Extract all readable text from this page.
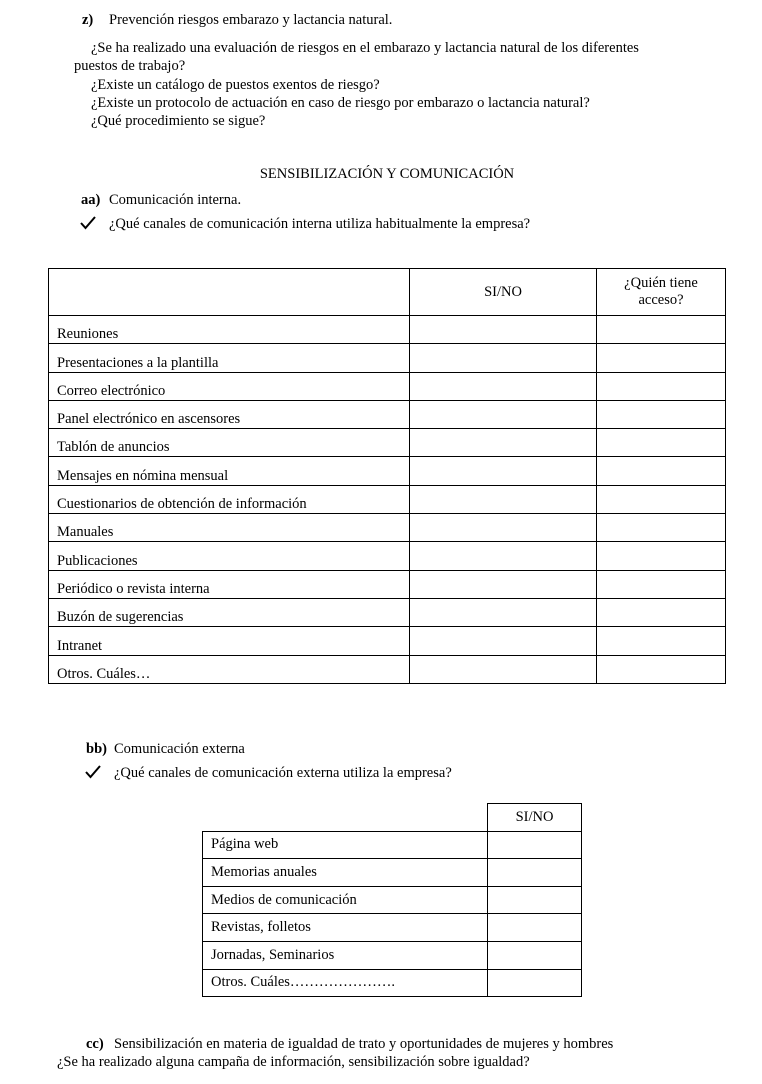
z) Prevención riesgos embarazo y lactancia natural.
¿Se ha realizado una evaluación de riesgos en el embarazo y lactancia natural de los diferentes
puestos de trabajo?
¿Existe un catálogo de puestos exentos de riesgo?
¿Existe un protocolo de actuación en caso de riesgo por embarazo o lactancia natural?
¿Qué procedimiento se sigue?
SENSIBILIZACIÓN Y COMUNICACIÓN
aa) Comunicación interna.
¿Qué canales de comunicación interna utiliza habitualmente la empresa?
	SI/NO	¿Quién tiene
acceso?
Reuniones		
Presentaciones a la plantilla		
Correo electrónico		
Panel electrónico en ascensores		
Tablón de anuncios		
Mensajes en nómina mensual		
Cuestionarios de obtención de información		
Manuales		
Publicaciones		
Periódico o revista interna		
Buzón de sugerencias		
Intranet		
Otros. Cuáles…		
bb) Comunicación externa
¿Qué canales de comunicación externa utiliza la empresa?
	SI/NO
Página web	
Memorias anuales	
Medios de comunicación	
Revistas, folletos	
Jornadas, Seminarios	
Otros. Cuáles………………….	
cc) Sensibilización en materia de igualdad de trato y oportunidades de mujeres y hombres
¿Se ha realizado alguna campaña de información, sensibilización sobre igualdad?
